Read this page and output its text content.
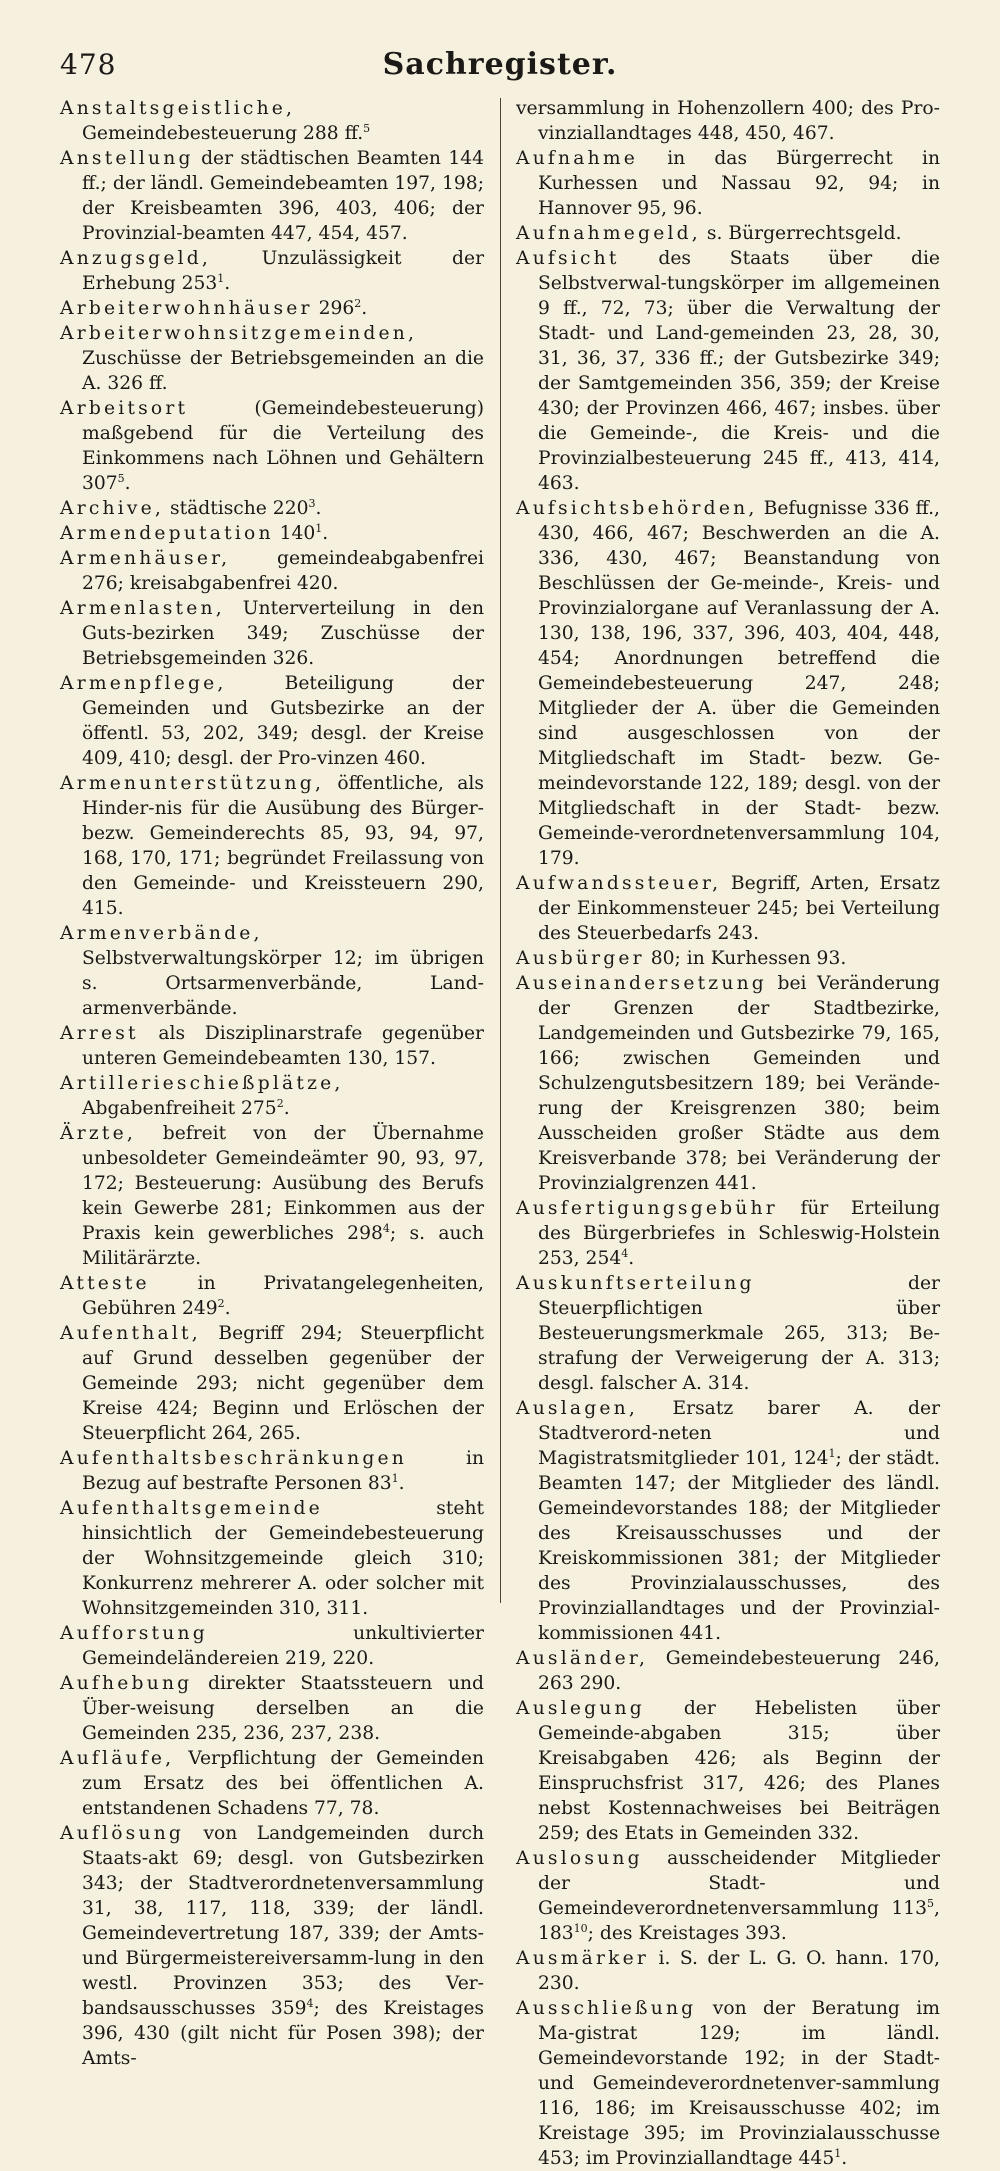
478	Sachregister.
Anstaltsgeistliche, Gemeindebesteuerung 288 ff.$^5$
Anstellung der städtischen Beamten 144 ff.; der ländl. Gemeindebeamten 197, 198; der Kreisbeamten 396, 403, 406; der Provinzial-beamten 447, 454, 457.
Anzugsgeld, Unzulässigkeit der Erhebung $253^1$.
Arbeiterwohnhäuser $296^2$.
Arbeiterwohnsitzgemeinden, Zuschüsse der Betriebsgemeinden an die A. 326 ff.
Arbeitsort (Gemeindebesteuerung) maßgebend für die Verteilung des Einkommens nach Löhnen und Gehältern $307^5$.
Archive, städtische $220^3$.
Armendeputation $140^1$.
Armenhäuser, gemeindeabgabenfrei 276; kreisabgabenfrei 420.
Armenlasten, Unterverteilung in den Guts-bezirken 349; Zuschüsse der Betriebsgemeinden 326.
Armenpflege, Beteiligung der Gemeinden und Gutsbezirke an der öffentl. 53, 202, 349; desgl. der Kreise 409, 410; desgl. der Pro-vinzen 460.
Armenunterstützung, öffentliche, als Hinder-nis für die Ausübung des Bürger- bezw. Gemeinderechts 85, 93, 94, 97, 168, 170, 171; begründet Freilassung von den Gemeinde- und Kreissteuern 290, 415.
Armenverbände, Selbstverwaltungskörper 12; im übrigen s. Ortsarmenverbände, Land-armenverbände.
Arrest als Disziplinarstrafe gegenüber unteren Gemeindebeamten 130, 157.
Artillerieschießplätze, Abgabenfreiheit $275^2$.
Ärzte, befreit von der Übernahme unbesoldeter Gemeindeämter 90, 93, 97, 172; Besteuerung: Ausübung des Berufs kein Gewerbe 281; Einkommen aus der Praxis kein gewerbliches $298^4$; s. auch Militärärzte.
Atteste in Privatangelegenheiten, Gebühren $249^2$.
Aufenthalt, Begriff 294; Steuerpflicht auf Grund desselben gegenüber der Gemeinde 293; nicht gegenüber dem Kreise 424; Beginn und Erlöschen der Steuerpflicht 264, 265.
Aufenthaltsbeschränkungen in Bezug auf bestrafte Personen $83^1$.
Aufenthaltsgemeinde steht hinsichtlich der Gemeindebesteuerung der Wohnsitzgemeinde gleich 310; Konkurrenz mehrerer A. oder solcher mit Wohnsitzgemeinden 310, 311.
Aufforstung unkultivierter Gemeindeländereien 219, 220.
Aufhebung direkter Staatssteuern und Über-weisung derselben an die Gemeinden 235, 236, 237, 238.
Aufläufe, Verpflichtung der Gemeinden zum Ersatz des bei öffentlichen A. entstandenen Schadens 77, 78.
Auflösung von Landgemeinden durch Staats-akt 69; desgl. von Gutsbezirken 343; der Stadtverordnetenversammlung 31, 38, 117, 118, 339; der ländl. Gemeindevertretung 187, 339; der Amts- und Bürgermeistereiversamm-lung in den westl. Provinzen 353; des Ver-bandsausschusses $359^4$; des Kreistages 396, 430 (gilt nicht für Posen 398); der Amts-
versammlung in Hohenzollern 400; des Pro-vinziallandtages 448, 450, 467.
Aufnahme in das Bürgerrecht in Kurhessen und Nassau 92, 94; in Hannover 95, 96.
Aufnahmegeld, s. Bürgerrechtsgeld.
Aufsicht des Staats über die Selbstverwal-tungskörper im allgemeinen 9 ff., 72, 73; über die Verwaltung der Stadt- und Land-gemeinden 23, 28, 30, 31, 36, 37, 336 ff.; der Gutsbezirke 349; der Samtgemeinden 356, 359; der Kreise 430; der Provinzen 466, 467; insbes. über die Gemeinde-, die Kreis- und die Provinzialbesteuerung 245 ff., 413, 414, 463.
Aufsichtsbehörden, Befugnisse 336 ff., 430, 466, 467; Beschwerden an die A. 336, 430, 467; Beanstandung von Beschlüssen der Ge-meinde-, Kreis- und Provinzialorgane auf Veranlassung der A. 130, 138, 196, 337, 396, 403, 404, 448, 454; Anordnungen betreffend die Gemeindebesteuerung 247, 248; Mitglieder der A. über die Gemeinden sind ausgeschlossen von der Mitgliedschaft im Stadt- bezw. Ge-meindevorstande 122, 189; desgl. von der Mitgliedschaft in der Stadt- bezw. Gemeinde-verordnetenversammlung 104, 179.
Aufwandssteuer, Begriff, Arten, Ersatz der Einkommensteuer 245; bei Verteilung des Steuerbedarfs 243.
Ausbürger 80; in Kurhessen 93.
Auseinandersetzung bei Veränderung der Grenzen der Stadtbezirke, Landgemeinden und Gutsbezirke 79, 165, 166; zwischen Gemeinden und Schulzengutsbesitzern 189; bei Verände-rung der Kreisgrenzen 380; beim Ausscheiden großer Städte aus dem Kreisverbande 378; bei Veränderung der Provinzialgrenzen 441.
Ausfertigungsgebühr für Erteilung des Bürgerbriefes in Schleswig-Holstein 253, $254^4$.
Auskunftserteilung der Steuerpflichtigen über Besteuerungsmerkmale 265, 313; Be-strafung der Verweigerung der A. 313; desgl. falscher A. 314.
Auslagen, Ersatz barer A. der Stadtverord-neten und Magistratsmitglieder 101, $124^1$; der städt. Beamten 147; der Mitglieder des ländl. Gemeindevorstandes 188; der Mitglieder des Kreisausschusses und der Kreiskommissionen 381; der Mitglieder des Provinzialausschusses, des Provinziallandtages und der Provinzial-kommissionen 441.
Ausländer, Gemeindebesteuerung 246, 263 290.
Auslegung der Hebelisten über Gemeinde-abgaben 315; über Kreisabgaben 426; als Beginn der Einspruchsfrist 317, 426; des Planes nebst Kostennachweises bei Beiträgen 259; des Etats in Gemeinden 332.
Auslosung ausscheidender Mitglieder der Stadt- und Gemeindeverordnetenversammlung $113^5$, $183^{10}$; des Kreistages 393.
Ausmärker i. S. der L. G. O. hann. 170, 230.
Ausschließung von der Beratung im Ma-gistrat 129; im ländl. Gemeindevorstande 192; in der Stadt- und Gemeindeverordnetenver-sammlung 116, 186; im Kreisausschusse 402; im Kreistage 395; im Provinzialausschusse 453; im Provinziallandtage $445^1$.
